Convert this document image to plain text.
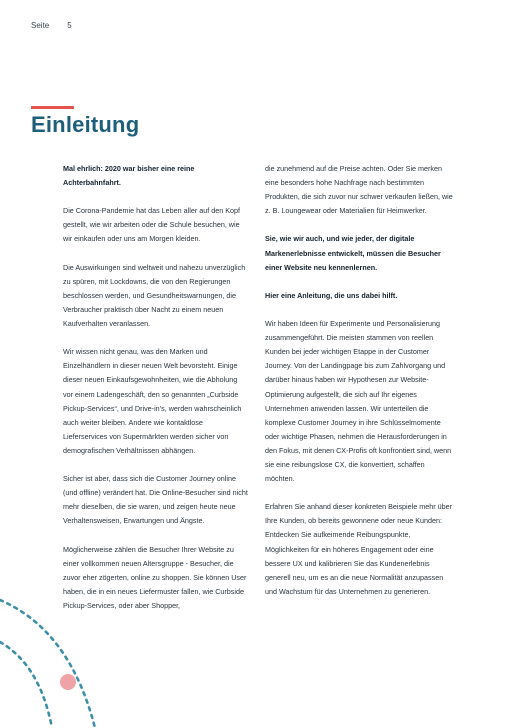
Seite 5
Einleitung

Mal ehrlich: 2020 war bisher eine reine Achterbahnfahrt.

Die Corona-Pandemie hat das Leben aller auf den Kopf gestellt, wie wir arbeiten oder die Schule besuchen, wie wir einkaufen oder uns am Morgen kleiden.

Die Auswirkungen sind weltweit und nahezu unverzüglich zu spüren, mit Lockdowns, die von den Regierungen beschlossen werden, und Gesundheitswarnungen, die Verbraucher praktisch über Nacht zu einem neuen Kaufverhalten veranlassen.

Wir wissen nicht genau, was den Marken und Einzelhändlern in dieser neuen Welt bevorsteht. Einige dieser neuen Einkaufsgewohnheiten, wie die Abholung vor einem Ladengeschäft, den so genannten „Curbside Pickup-Services“, und Drive-in’s, werden wahrscheinlich auch weiter bleiben. Andere wie kontaktlose Lieferservices von Supermärkten werden sicher von demografischen Verhältnissen abhängen.

Sicher ist aber, dass sich die Customer Journey online (und offline) verändert hat. Die Online-Besucher sind nicht mehr dieselben, die sie waren, und zeigen heute neue Verhaltensweisen, Erwartungen und Ängste.

Möglicherweise zählen die Besucher Ihrer Website zu einer vollkommen neuen Altersgruppe - Besucher, die zuvor eher zögerten, online zu shoppen. Sie können User haben, die in ein neues Liefermuster fallen, wie Curbside Pickup-Services, oder aber Shopper,

die zunehmend auf die Preise achten. Oder Sie merken eine besonders hohe Nachfrage nach bestimmten Produkten, die sich zuvor nur schwer verkaufen ließen, wie z. B. Loungewear oder Materialien für Heimwerker.

Sie, wie wir auch, und wie jeder, der digitale Markenerlebnisse entwickelt, müssen die Besucher einer Website neu kennenlernen.

Hier eine Anleitung, die uns dabei hilft.

Wir haben Ideen für Experimente und Personalisierung zusammengeführt. Die meisten stammen von reellen Kunden bei jeder wichtigen Etappe in der Customer Journey. Von der Landingpage bis zum Zahlvorgang und darüber hinaus haben wir Hypothesen zur Website-Optimierung aufgestellt, die sich auf Ihr eigenes Unternehmen anwenden lassen. Wir unterteilen die komplexe Customer Journey in ihre Schlüsselmomente oder wichtige Phasen, nehmen die Herausforderungen in den Fokus, mit denen CX-Profis oft konfrontiert sind, wenn sie eine reibungslose CX, die konvertiert, schaffen möchten.

Erfahren Sie anhand dieser konkreten Beispiele mehr über Ihre Kunden, ob bereits gewonnene oder neue Kunden: Entdecken Sie aufkeimende Reibungspunkte, Möglichkeiten für ein höheres Engagement oder eine bessere UX und kalibrieren Sie das Kundenerlebnis generell neu, um es an die neue Normalität anzupassen und Wachstum für das Unternehmen zu generieren.
